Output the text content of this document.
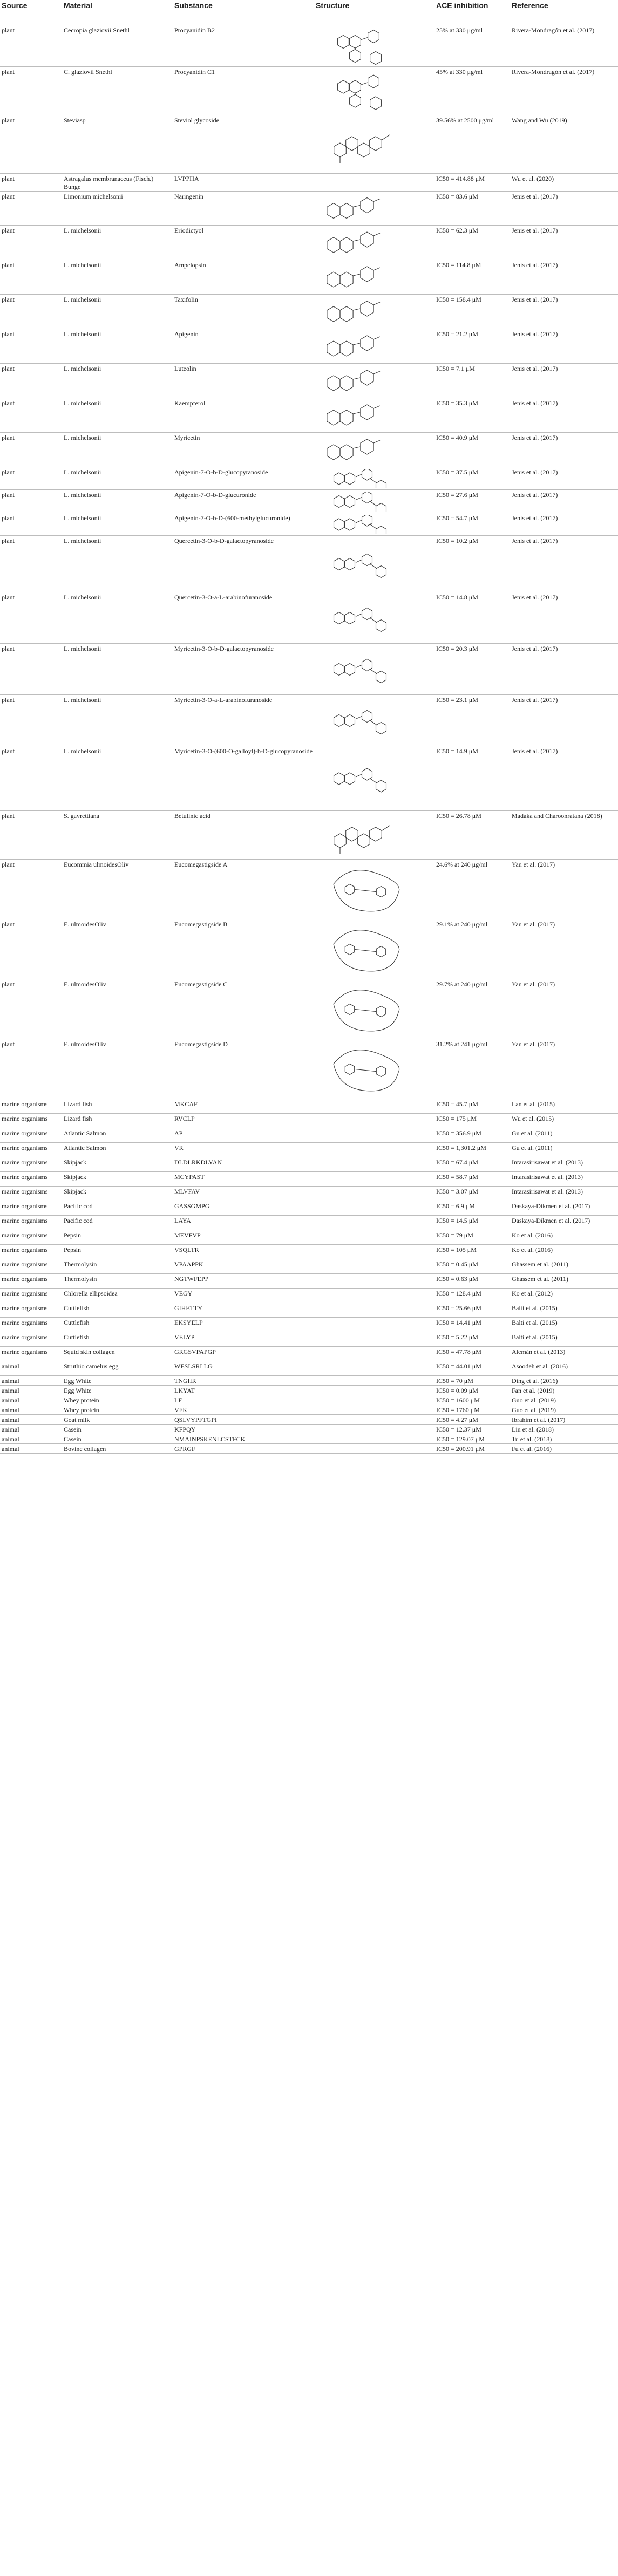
Source	Material	Substance	Structure	ACE inhibition	Reference
plant	Cecropia glaziovii Snethl	Procyanidin B2		25% at 330 μg/ml	Rivera-Mondragón et al. (2017)
plant	C. glaziovii Snethl	Procyanidin C1		45% at 330 μg/ml	Rivera-Mondragón et al. (2017)
plant	Steviasp	Steviol glycoside		39.56% at 2500 μg/ml	Wang and Wu (2019)
plant	Astragalus membranaceus (Fisch.) Bunge	LVPPHA		IC50 = 414.88 μM	Wu et al. (2020)
plant	Limonium michelsonii	Naringenin		IC50 = 83.6 μM	Jenis et al. (2017)
plant	L. michelsonii	Eriodictyol		IC50 = 62.3 μM	Jenis et al. (2017)
plant	L. michelsonii	Ampelopsin		IC50 = 114.8 μM	Jenis et al. (2017)
plant	L. michelsonii	Taxifolin		IC50 = 158.4 μM	Jenis et al. (2017)
plant	L. michelsonii	Apigenin		IC50 = 21.2 μM	Jenis et al. (2017)
plant	L. michelsonii	Luteolin		IC50 = 7.1 μM	Jenis et al. (2017)
plant	L. michelsonii	Kaempferol		IC50 = 35.3 μM	Jenis et al. (2017)
plant	L. michelsonii	Myricetin		IC50 = 40.9 μM	Jenis et al. (2017)
plant	L. michelsonii	Apigenin-7-O-b-D-glucopyranoside		IC50 = 37.5 μM	Jenis et al. (2017)
plant	L. michelsonii	Apigenin-7-O-b-D-glucuronide		IC50 = 27.6 μM	Jenis et al. (2017)
plant	L. michelsonii	Apigenin-7-O-b-D-(600-methylglucuronide)		IC50 = 54.7 μM	Jenis et al. (2017)
plant	L. michelsonii	Quercetin-3-O-b-D-galactopyranoside		IC50 = 10.2 μM	Jenis et al. (2017)
plant	L. michelsonii	Quercetin-3-O-a-L-arabinofuranoside		IC50 = 14.8 μM	Jenis et al. (2017)
plant	L. michelsonii	Myricetin-3-O-b-D-galactopyranoside		IC50 = 20.3 μM	Jenis et al. (2017)
plant	L. michelsonii	Myricetin-3-O-a-L-arabinofuranoside		IC50 = 23.1 μM	Jenis et al. (2017)
plant	L. michelsonii	Myricetin-3-O-(600-O-galloyl)-b-D-glucopyranoside		IC50 = 14.9 μM	Jenis et al. (2017)
plant	S. gavrettiana	Betulinic acid		IC50 = 26.78 μM	Madaka and Charoonratana (2018)
plant	Eucommia ulmoidesOliv	Eucomegastigside A		24.6% at 240 μg/ml	Yan et al. (2017)
plant	E. ulmoidesOliv	Eucomegastigside B		29.1% at 240 μg/ml	Yan et al. (2017)
plant	E. ulmoidesOliv	Eucomegastigside C		29.7% at 240 μg/ml	Yan et al. (2017)
plant	E. ulmoidesOliv	Eucomegastigside D		31.2% at 241 μg/ml	Yan et al. (2017)
marine organisms	Lizard fish	MKCAF		IC50 = 45.7 μM	Lan et al. (2015)
marine organisms	Lizard fish	RVCLP		IC50 = 175 μM	Wu et al. (2015)
marine organisms	Atlantic Salmon	AP		IC50 = 356.9 μM	Gu et al. (2011)
marine organisms	Atlantic Salmon	VR		IC50 = 1,301.2 μM	Gu et al. (2011)
marine organisms	Skipjack	DLDLRKDLYAN		IC50 = 67.4 μM	Intarasirisawat et al. (2013)
marine organisms	Skipjack	MCYPAST		IC50 = 58.7 μM	Intarasirisawat et al. (2013)
marine organisms	Skipjack	MLVFAV		IC50 = 3.07 μM	Intarasirisawat et al. (2013)
marine organisms	Pacific cod	GASSGMPG		IC50 = 6.9 μM	Daskaya-Dikmen et al. (2017)
marine organisms	Pacific cod	LAYA		IC50 = 14.5 μM	Daskaya-Dikmen et al. (2017)
marine organisms	Pepsin	MEVFVP		IC50 = 79 μM	Ko et al. (2016)
marine organisms	Pepsin	VSQLTR		IC50 = 105 μM	Ko et al. (2016)
marine organisms	Thermolysin	VPAAPPK		IC50 = 0.45 μM	Ghassem et al. (2011)
marine organisms	Thermolysin	NGTWFEPP		IC50 = 0.63 μM	Ghassem et al. (2011)
marine organisms	Chlorella ellipsoidea	VEGY		IC50 = 128.4 μM	Ko et al. (2012)
marine organisms	Cuttlefish	GIHETTY		IC50 = 25.66 μM	Balti et al. (2015)
marine organisms	Cuttlefish	EKSYELP		IC50 = 14.41 μM	Balti et al. (2015)
marine organisms	Cuttlefish	VELYP		IC50 = 5.22 μM	Balti et al. (2015)
marine organisms	Squid skin collagen	GRGSVPAPGP		IC50 = 47.78 μM	Alemán et al. (2013)
animal	Struthio camelus egg	WESLSRLLG		IC50 = 44.01 μM	Asoodeh et al. (2016)
animal	Egg White	TNGIIR		IC50 = 70 μM	Ding et al. (2016)
animal	Egg White	LKYAT		IC50 = 0.09 μM	Fan et al. (2019)
animal	Whey protein	LF		IC50 = 1600 μM	Guo et al. (2019)
animal	Whey protein	VFK		IC50 = 1760 μM	Guo et al. (2019)
animal	Goat milk	QSLVYPFTGPI		IC50 = 4.27 μM	Ibrahim et al. (2017)
animal	Casein	KFPQY		IC50 = 12.37 μM	Lin et al. (2018)
animal	Casein	NMAINPSKENLCSTFCK		IC50 = 129.07 μM	Tu et al. (2018)
animal	Bovine collagen	GPRGF		IC50 = 200.91 μM	Fu et al. (2016)
